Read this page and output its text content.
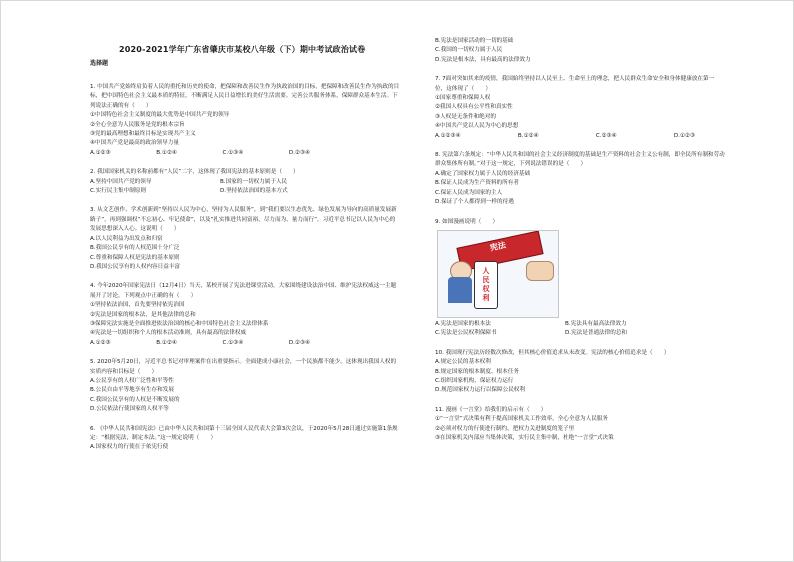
2020-2021学年广东省肇庆市某校八年级（下）期中考试政治试卷
选择题
1. 中国共产党始终肩负着人民的重托和历史的使命，把保障和改善民生作为执政治国的目标，把保障和改善民生作为执政的目标，把中国特色社会主义最本质的特征，不断满足人民日益增长的美好生活需要。完善公共服务体系，保障群众基本生活。下列说法正确的有（　　）
①中国特色社会主义制度的最大优势是中国共产党的领导
②全心全意为人民服务是党的根本宗旨
③党的最高理想和最终目标是实现共产主义
④中国共产党是最高的政治领导力量
A.①②③	B.①②④	C.①③④	D.②③④
2. 我国国家机关的名称前都有“人民”二字，这体现了我国宪法的基本原则是（　　）
A.坚持中国共产党的领导	B.国家的一切权力属于人民
C.实行民主集中制原则	D.坚持依法治国的基本方式
3. 从文艺创作、学术创新到“坚持以人民为中心，坚持为人民服务”，到“我们要以生态优先、绿色发展为导向的高质量发展新路子”，再到强调权“不忘初心、牢记使命”，以及“扎实推进共同富裕，尽力而为、量力而行”，习近平总书记以人民为中心的发展思想深入人心。这说明（　　）
A.以人民利益为出发点和归宿
B.我国公民享有的人权范围十分广泛
C.尊重和保障人权是宪法的基本原则
D.我国公民享有的人权内容日益丰富
4. 今年2020年国家宪法日（12月4日）当天，某校开展了宪法进课堂活动，大家围绕建设法治中国、维护宪法权威这一主题展开了讨论。下列观点中正确的有（　　）
①坚持依法治国，首先要坚持依宪治国
②宪法是国家的根本法，是其他法律的总和
③保障宪法实施是全面推进依法治国的核心和中国特色社会主义法律体系
④宪法是一切组织和个人的根本活动准则，具有最高的法律权威
A.①②③	B.①②④	C.①③④	D.②③④
5. 2020年5月20日，习近平总书记对审理案件在出重要指示。全面建成小康社会，一个民族都不能少。这体现出我国人权的实质内容和目标是（　　）
A.公民享有的人权广泛性和平等性
B.公民自由平等地享有生存和发展
C.我国公民享有的人权是不断发展的
D.公民依法行使国家的人权平等
6. 《中华人民共和国宪法》已由中华人民共和国第十三届全国人民代表大会第3次会议，于2020年5月28日通过实施第1条规定：“根据宪法，制定本法。”这一规定说明（　　）
A.国家权力的行使在于依宪行使
B.宪法是国家活动的一切的基础
C.我国的一切权力属于人民
D.宪法是根本法，具有最高的法律效力
7. 7面对突如其来的疫情，我国始终坚持以人民至上、生命至上的理念，把人民群众生命安全和身体健康放在第一位，这体现了（　　）
①国家尊重和保障人权
②我国人权具有公平性和真实性
③人权是无条件和绝对的
④中国共产党以人民为中心的思想
A.①②③④	B.①②④	C.②③④	D.①②③
8. 宪法第六条规定：“中华人民共和国的社会主义经济制度的基础是生产资料的社会主义公有制，即全民所有制和劳动群众集体所有制。”对于这一规定，下列说法错误的是（　　）
A.确定了国家权力属于人民的经济基础
B.保证人民成为生产资料的所有者
C.保证人民成为国家的主人
D.保证了个人都得到一样的待遇
9. 如图漫画说明（　　）
宪法
人
民
权
利
A.宪法是国家的根本法	B.宪法具有最高法律效力
C.宪法是公民权利保障书	D.宪法是普通法律的总和
10. 我国现行宪法历经数次修改，但其核心价值追求从未改变。宪法的核心价值追求是（　　）
A.规定公民的基本权利
B.规定国家的根本制度、根本任务
C.组织国家机构，保证权力运行
D.规范国家权力运行以保障公民权利
11. 漫画《一言堂》给我们的启示有（　　）
①“一言堂”式决策有利于提高国家机关工作效率，全心全意为人民服务
②必须对权力的行使进行制约，把权力关进制度的笼子里
③在国家机关内部应当集体决策，实行民主集中制，杜绝“一言堂”式决策
